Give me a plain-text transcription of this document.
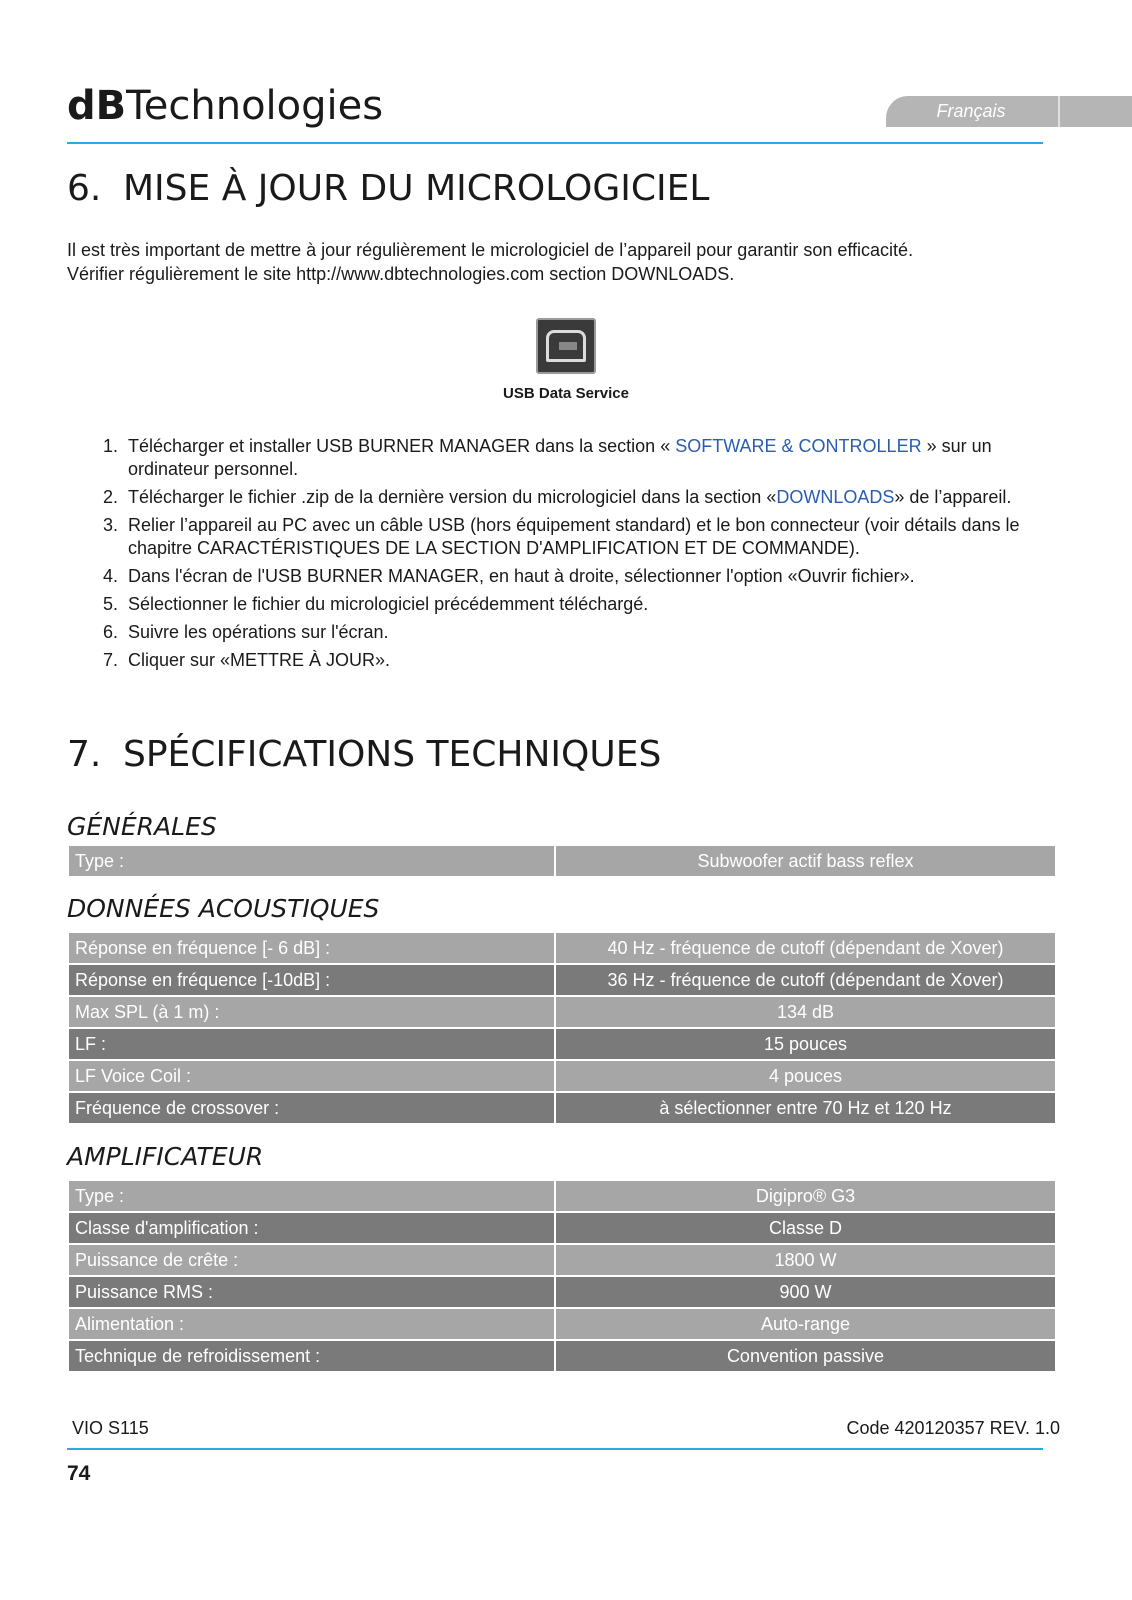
dBTechnologies	Français
6. MISE À JOUR DU MICROLOGICIEL

Il est très important de mettre à jour régulièrement le micrologiciel de l’appareil pour garantir son efficacité.
Vérifier régulièrement le site http://www.dbtechnologies.com section DOWNLOADS.

USB Data Service
1. Télécharger et installer USB BURNER MANAGER dans la section « SOFTWARE & CONTROLLER » sur un ordinateur personnel.
2. Télécharger le fichier .zip de la dernière version du micrologiciel dans la section «DOWNLOADS» de l’appareil.
3. Relier l’appareil au PC avec un câble USB (hors équipement standard) et le bon connecteur (voir détails dans le chapitre CARACTÉRISTIQUES DE LA SECTION D'AMPLIFICATION ET DE COMMANDE).
4. Dans l'écran de l'USB BURNER MANAGER, en haut à droite, sélectionner l'option «Ouvrir fichier».
5. Sélectionner le fichier du micrologiciel précédemment téléchargé.
6. Suivre les opérations sur l'écran.
7. Cliquer sur «METTRE À JOUR».
7. SPÉCIFICATIONS TECHNIQUES
GÉNÉRALES
Type :	Subwoofer actif bass reflex
DONNÉES ACOUSTIQUES
Réponse en fréquence [- 6 dB] :	40 Hz - fréquence de cutoff (dépendant de Xover)
Réponse en fréquence [-10dB] :	36 Hz - fréquence de cutoff (dépendant de Xover)
Max SPL (à 1 m) :	134 dB
LF :	15 pouces
LF Voice Coil :	4 pouces
Fréquence de crossover :	à sélectionner entre 70 Hz et 120 Hz
AMPLIFICATEUR
Type :	Digipro® G3
Classe d'amplification :	Classe D
Puissance de crête :	1800 W
Puissance RMS :	900 W
Alimentation :	Auto-range
Technique de refroidissement :	Convention passive
VIO S115	Code 420120357 REV. 1.0
74
